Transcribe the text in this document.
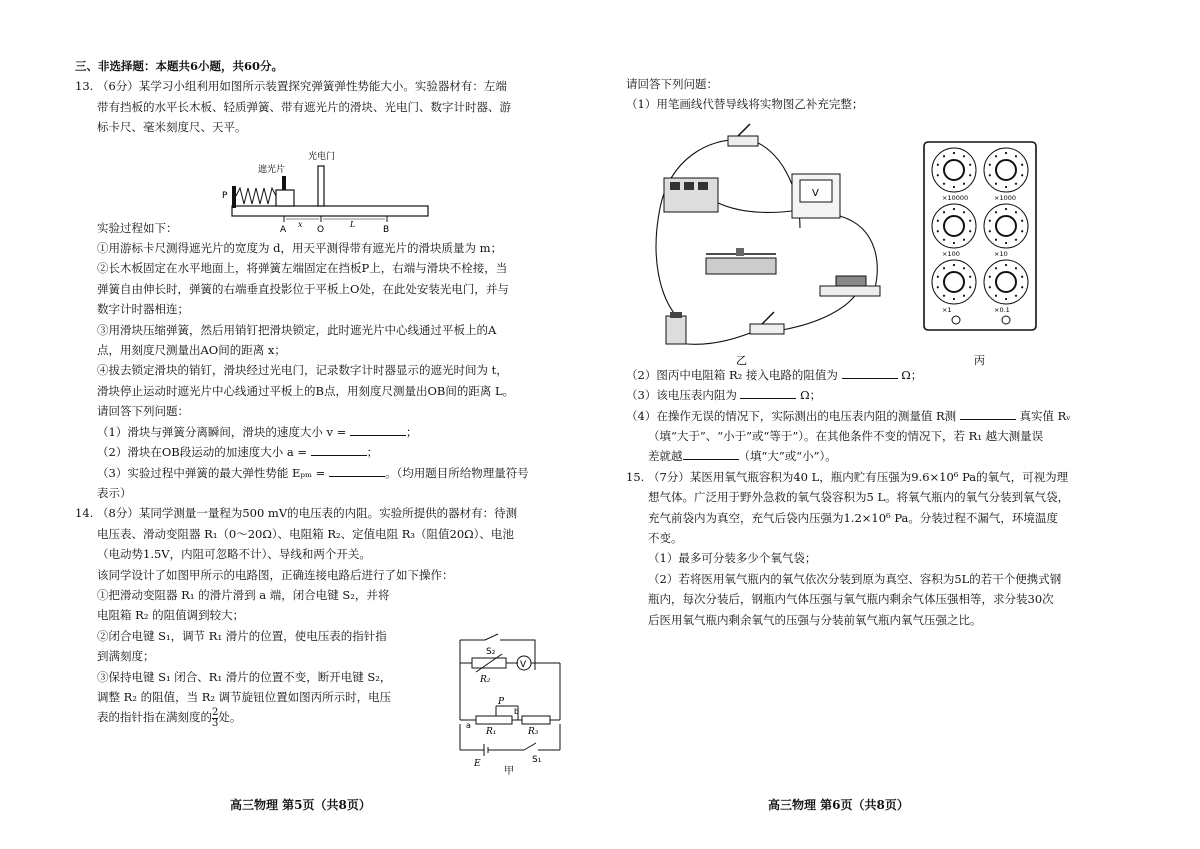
三、非选择题：本题共6小题，共60分。
13. （6分）某学习小组利用如图所示装置探究弹簧弹性势能大小。实验器材有：左端
带有挡板的水平长木板、轻质弹簧、带有遮光片的滑块、光电门、数字计时器、游
标卡尺、毫米刻度尺、天平。
实验过程如下：
①用游标卡尺测得遮光片的宽度为 d，用天平测得带有遮光片的滑块质量为 m；
②长木板固定在水平地面上，将弹簧左端固定在挡板P上，右端与滑块不栓接，当
弹簧自由伸长时，弹簧的右端垂直投影位于平板上O处，在此处安装光电门，并与
数字计时器相连；
③用滑块压缩弹簧，然后用销钉把滑块锁定，此时遮光片中心线通过平板上的A
点，用刻度尺测量出AO间的距离 x；
④拔去锁定滑块的销钉，滑块经过光电门，记录数字计时器显示的遮光时间为 t，
滑块停止运动时遮光片中心线通过平板上的B点，用刻度尺测量出OB间的距离 L。
请回答下列问题：
（1）滑块与弹簧分离瞬间，滑块的速度大小 v =	；
（2）滑块在OB段运动的加速度大小 a =	；
（3）实验过程中弹簧的最大弹性势能 Eₚₘ =	。（均用题目所给物理量符号
表示）
14. （8分）某同学测量一量程为500 mV的电压表的内阻。实验所提供的器材有：待测
电压表、滑动变阻器 R₁（0～20Ω）、电阻箱 R₂、定值电阻 R₃（阻值20Ω）、电池
（电动势1.5V，内阻可忽略不计）、导线和两个开关。
该同学设计了如图甲所示的电路图，正确连接电路后进行了如下操作：
①把滑动变阻器 R₁ 的滑片滑到 a 端，闭合电键 S₂，并将
电阻箱 R₂ 的阻值调到较大；
②闭合电键 S₁，调节 R₁ 滑片的位置，使电压表的指针指
到满刻度；
③保持电键 S₁ 闭合、R₁ 滑片的位置不变，断开电键 S₂，
调整 R₂ 的阻值，当 R₂ 调节旋钮位置如图丙所示时，电压
表的指针指在满刻度的 $\frac{2}{3}$ 处。
高三物理 第5页（共8页）
遮光片
光电门
P
A
x
O
L
B
S₂
V
R₂
P
a
b
R₁	R₃
E	S₁
甲
请回答下列问题：
（1）用笔画线代替导线将实物图乙补充完整；
（2）图丙中电阻箱 R₂ 接入电路的阻值为	Ω；
（3）该电压表内阻为	Ω；
（4）在操作无误的情况下，实际测出的电压表内阻的测量值 R测	真实值 Rᵥ
（填“大于”、“小于”或“等于”）。在其他条件不变的情况下，若 R₁ 越大测量误
差就越	（填“大”或“小”）。
15. （7分）某医用氧气瓶容积为40 L，瓶内贮有压强为9.6×10⁶ Pa的氧气，可视为理
想气体。广泛用于野外急救的氧气袋容积为5 L。将氧气瓶内的氧气分装到氧气袋，
充气前袋内为真空，充气后袋内压强为1.2×10⁶ Pa。分装过程不漏气，环境温度
不变。
（1）最多可分装多少个氧气袋；
（2）若将医用氧气瓶内的氧气依次分装到原为真空、容积为5L的若干个便携式钢
瓶内，每次分装后，钢瓶内气体压强与氧气瓶内剩余气体压强相等，求分装30次
后医用氧气瓶内剩余氧气的压强与分装前氧气瓶内氧气压强之比。
高三物理 第6页（共8页）
V
乙
×10000	×1000
×100	×10
×1	×0.1
丙
